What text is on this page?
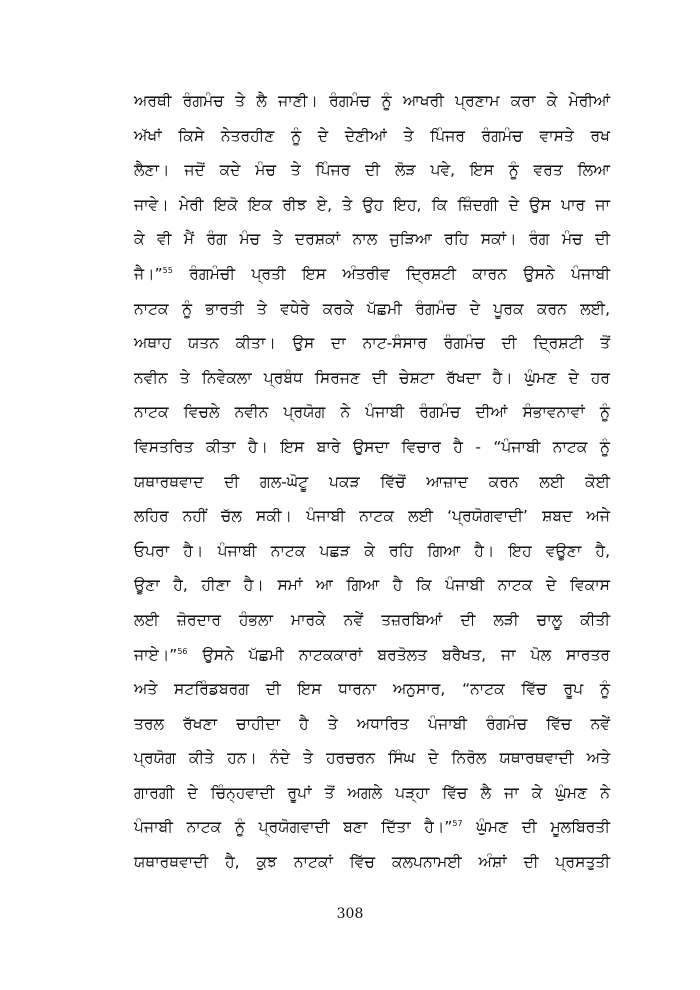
ਅਰਥੀ ਰੰਗਮੰਚ ਤੇ ਲੈ ਜਾਣੀ। ਰੰਗਮੰਚ ਨੂੰ ਆਖਰੀ ਪ੍ਰਣਾਮ ਕਰਾ ਕੇ ਮੇਰੀਆਂ
ਅੱਖਾਂ ਕਿਸੇ ਨੇਤਰਹੀਣ ਨੂੰ ਦੇ ਦੇਣੀਆਂ ਤੇ ਪਿੰਜਰ ਰੰਗਮੰਚ ਵਾਸਤੇ ਰਖ
ਲੈਣਾ। ਜਦੋਂ ਕਦੇ ਮੰਚ ਤੇ ਪਿੰਜਰ ਦੀ ਲੋੜ ਪਵੇ, ਇਸ ਨੂੰ ਵਰਤ ਲਿਆ
ਜਾਵੇ। ਮੇਰੀ ਇਕੋ ਇਕ ਰੀਝ ਏ, ਤੇ ਉਹ ਇਹ, ਕਿ ਜ਼ਿੰਦਗੀ ਦੇ ਉਸ ਪਾਰ ਜਾ
ਕੇ ਵੀ ਮੈਂ ਰੰਗ ਮੰਚ ਤੇ ਦਰਸ਼ਕਾਂ ਨਾਲ ਜੁੜਿਆ ਰਹਿ ਸਕਾਂ। ਰੰਗ ਮੰਚ ਦੀ
ਜੈ।”$^{55}$ ਰੰਗਮੰਚੀ ਪ੍ਰਤੀ ਇਸ ਅੰਤਰੀਵ ਦ੍ਰਿਸ਼ਟੀ ਕਾਰਨ ਉਸਨੇ ਪੰਜਾਬੀ
ਨਾਟਕ ਨੂੰ ਭਾਰਤੀ ਤੇ ਵਧੇਰੇ ਕਰਕੇ ਪੱਛਮੀ ਰੰਗਮੰਚ ਦੇ ਪੂਰਕ ਕਰਨ ਲਈ,
ਅਥਾਹ ਯਤਨ ਕੀਤਾ। ਉਸ ਦਾ ਨਾਟ-ਸੰਸਾਰ ਰੰਗਮੰਚ ਦੀ ਦ੍ਰਿਸ਼ਟੀ ਤੋਂ
ਨਵੀਨ ਤੇ ਨਿਵੇਕਲਾ ਪ੍ਰਬੰਧ ਸਿਰਜਣ ਦੀ ਚੇਸ਼ਟਾ ਰੱਖਦਾ ਹੈ। ਘੁੰਮਣ ਦੇ ਹਰ
ਨਾਟਕ ਵਿਚਲੇ ਨਵੀਨ ਪ੍ਰਯੋਗ ਨੇ ਪੰਜਾਬੀ ਰੰਗਮੰਚ ਦੀਆਂ ਸੰਭਾਵਨਾਵਾਂ ਨੂੰ
ਵਿਸਤਰਿਤ ਕੀਤਾ ਹੈ। ਇਸ ਬਾਰੇ ਉਸਦਾ ਵਿਚਾਰ ਹੈ - “ਪੰਜਾਬੀ ਨਾਟਕ ਨੂੰ
ਯਥਾਰਥਵਾਦ ਦੀ ਗਲ-ਘੋਟੂ ਪਕੜ ਵਿੱਚੋਂ ਆਜ਼ਾਦ ਕਰਨ ਲਈ ਕੋਈ
ਲਹਿਰ ਨਹੀਂ ਚੱਲ ਸਕੀ। ਪੰਜਾਬੀ ਨਾਟਕ ਲਈ ‘ਪ੍ਰਯੋਗਵਾਦੀ’ ਸ਼ਬਦ ਅਜੇ
ਓਪਰਾ ਹੈ। ਪੰਜਾਬੀ ਨਾਟਕ ਪਛੜ ਕੇ ਰਹਿ ਗਿਆ ਹੈ। ਇਹ ਵਊਣਾ ਹੈ,
ਊਣਾ ਹੈ, ਹੀਣਾ ਹੈ। ਸਮਾਂ ਆ ਗਿਆ ਹੈ ਕਿ ਪੰਜਾਬੀ ਨਾਟਕ ਦੇ ਵਿਕਾਸ
ਲਈ ਜ਼ੋਰਦਾਰ ਹੰਭਲਾ ਮਾਰਕੇ ਨਵੇਂ ਤਜ਼ਰਬਿਆਂ ਦੀ ਲੜੀ ਚਾਲੂ ਕੀਤੀ
ਜਾਏ।”$^{56}$ ਉਸਨੇ ਪੱਛਮੀ ਨਾਟਕਕਾਰਾਂ ਬਰਤੋਲਤ ਬਰੈਖਤ, ਜਾ ਪੋਲ ਸਾਰਤਰ
ਅਤੇ ਸਟਰਿੰਡਬਰਗ ਦੀ ਇਸ ਧਾਰਨਾ ਅਨੁਸਾਰ, “ਨਾਟਕ ਵਿੱਚ ਰੂਪ ਨੂੰ
ਤਰਲ ਰੱਖਣਾ ਚਾਹੀਦਾ ਹੈ ਤੇ ਅਧਾਰਿਤ ਪੰਜਾਬੀ ਰੰਗਮੰਚ ਵਿੱਚ ਨਵੇਂ
ਪ੍ਰਯੋਗ ਕੀਤੇ ਹਨ। ਨੰਦੇ ਤੇ ਹਰਚਰਨ ਸਿੰਘ ਦੇ ਨਿਰੋਲ ਯਥਾਰਥਵਾਦੀ ਅਤੇ
ਗਾਰਗੀ ਦੇ ਚਿੰਨ੍ਹਵਾਦੀ ਰੂਪਾਂ ਤੋਂ ਅਗਲੇ ਪੜ੍ਹਾ ਵਿੱਚ ਲੈ ਜਾ ਕੇ ਘੁੰਮਣ ਨੇ
ਪੰਜਾਬੀ ਨਾਟਕ ਨੂੰ ਪ੍ਰਯੋਗਵਾਦੀ ਬਣਾ ਦਿੱਤਾ ਹੈ।”$^{57}$ ਘੁੰਮਣ ਦੀ ਮੂਲਬਿਰਤੀ
ਯਥਾਰਥਵਾਦੀ ਹੈ, ਕੁਝ ਨਾਟਕਾਂ ਵਿੱਚ ਕਲਪਨਾਮਈ ਅੰਸ਼ਾਂ ਦੀ ਪ੍ਰਸਤੁਤੀ
308
